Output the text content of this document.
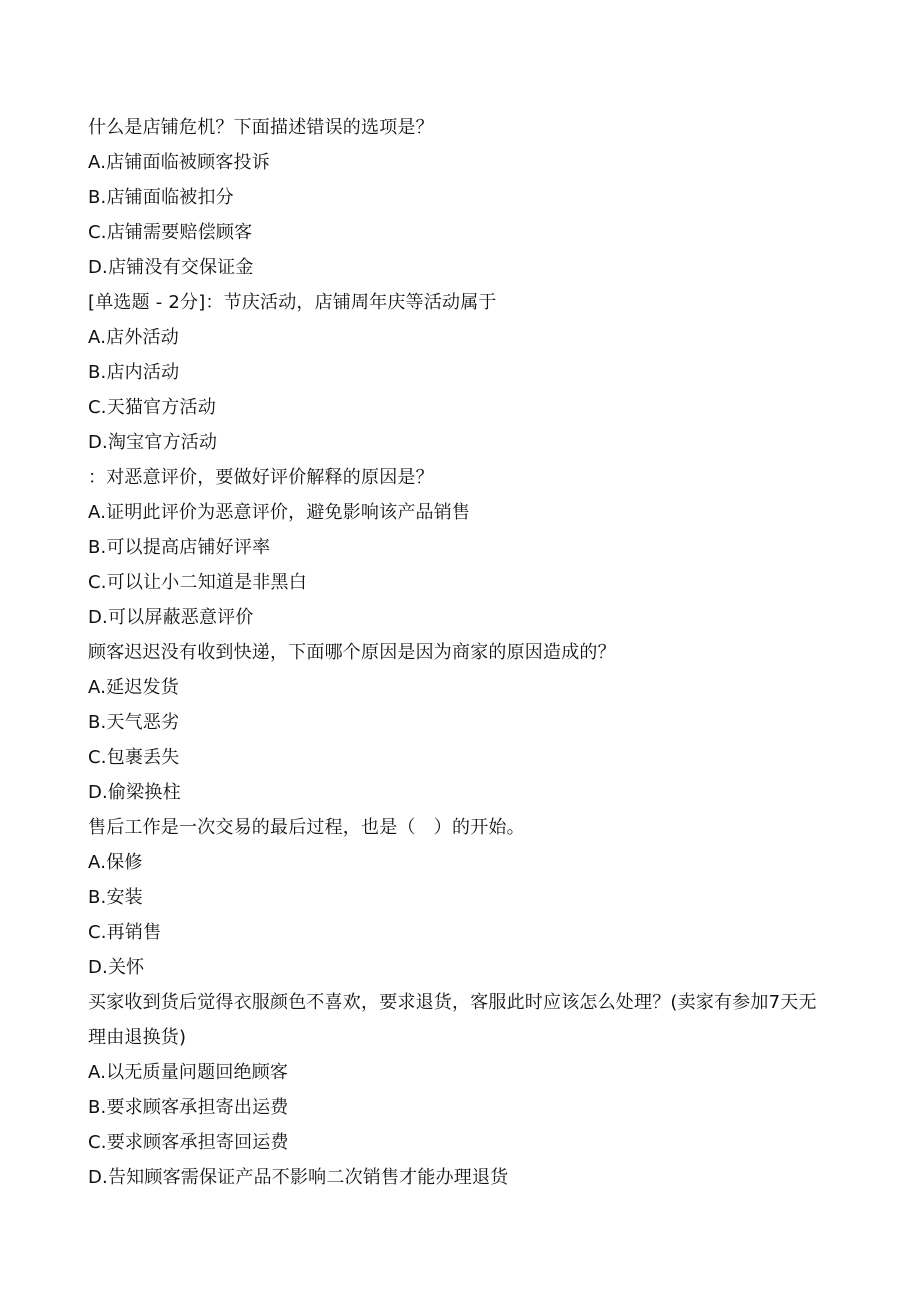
什么是店铺危机？下面描述错误的选项是？
A.店铺面临被顾客投诉
B.店铺面临被扣分
C.店铺需要赔偿顾客
D.店铺没有交保证金
[单选题 - 2分]：节庆活动，店铺周年庆等活动属于
A.店外活动
B.店内活动
C.天猫官方活动
D.淘宝官方活动
：对恶意评价，要做好评价解释的原因是？
A.证明此评价为恶意评价，避免影响该产品销售
B.可以提高店铺好评率
C.可以让小二知道是非黑白
D.可以屏蔽恶意评价
顾客迟迟没有收到快递，下面哪个原因是因为商家的原因造成的？
A.延迟发货
B.天气恶劣
C.包裹丢失
D.偷梁换柱
售后工作是一次交易的最后过程，也是（　）的开始。
A.保修
B.安装
C.再销售
D.关怀
买家收到货后觉得衣服颜色不喜欢，要求退货，客服此时应该怎么处理？(卖家有参加7天无理由退换货)
A.以无质量问题回绝顾客
B.要求顾客承担寄出运费
C.要求顾客承担寄回运费
D.告知顾客需保证产品不影响二次销售才能办理退货
